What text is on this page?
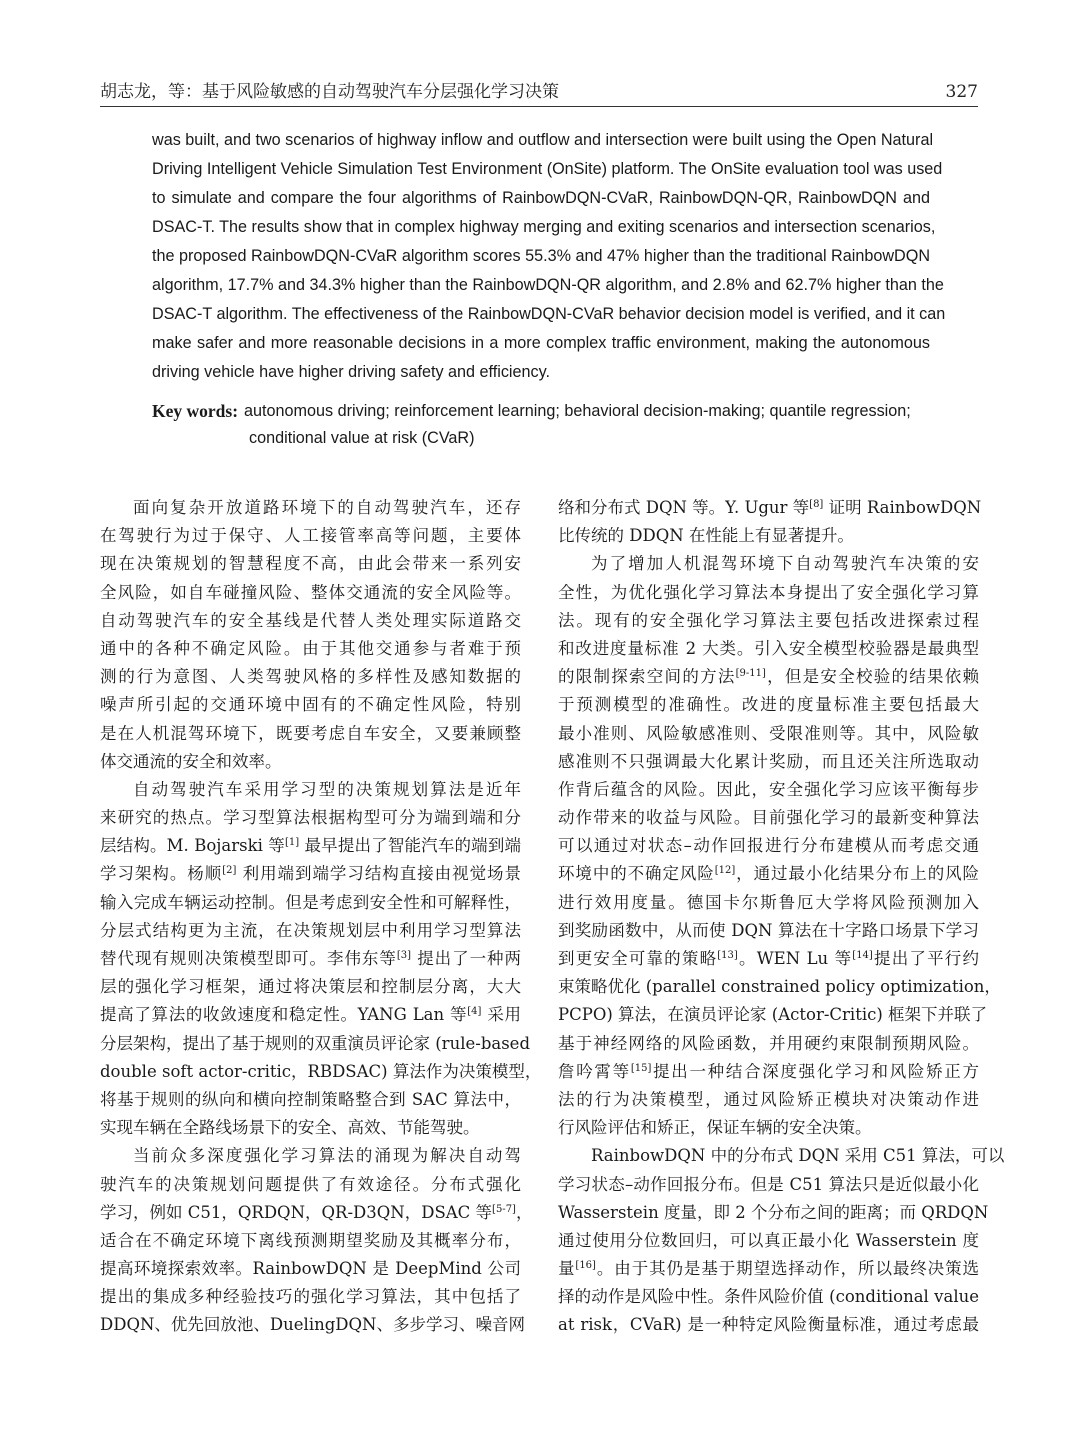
胡志龙，等：基于风险敏感的自动驾驶汽车分层强化学习决策	327
was built, and two scenarios of highway inflow and outflow and intersection were built using the Open Natural
Driving Intelligent Vehicle Simulation Test Environment (OnSite) platform. The OnSite evaluation tool was used
to simulate and compare the four algorithms of RainbowDQN-CVaR, RainbowDQN-QR, RainbowDQN and
DSAC-T. The results show that in complex highway merging and exiting scenarios and intersection scenarios,
the proposed RainbowDQN-CVaR algorithm scores 55.3% and 47% higher than the traditional RainbowDQN
algorithm, 17.7% and 34.3% higher than the RainbowDQN-QR algorithm, and 2.8% and 62.7% higher than the
DSAC-T algorithm. The effectiveness of the RainbowDQN-CVaR behavior decision model is verified, and it can
make safer and more reasonable decisions in a more complex traffic environment, making the autonomous
driving vehicle have higher driving safety and efficiency.
Key words: autonomous driving; reinforcement learning; behavioral decision-making; quantile regression;
conditional value at risk (CVaR)

面向复杂开放道路环境下的自动驾驶汽车，还存
在驾驶行为过于保守、人工接管率高等问题，主要体
现在决策规划的智慧程度不高，由此会带来一系列安
全风险，如自车碰撞风险、整体交通流的安全风险等。
自动驾驶汽车的安全基线是代替人类处理实际道路交
通中的各种不确定风险。由于其他交通参与者难于预
测的行为意图、人类驾驶风格的多样性及感知数据的
噪声所引起的交通环境中固有的不确定性风险，特别
是在人机混驾环境下，既要考虑自车安全，又要兼顾整
体交通流的安全和效率。

自动驾驶汽车采用学习型的决策规划算法是近年
来研究的热点。学习型算法根据构型可分为端到端和分
层结构。M. Bojarski 等[1] 最早提出了智能汽车的端到端
学习架构。杨顺[2] 利用端到端学习结构直接由视觉场景
输入完成车辆运动控制。但是考虑到安全性和可解释性，
分层式结构更为主流，在决策规划层中利用学习型算法
替代现有规则决策模型即可。李伟东等[3] 提出了一种两
层的强化学习框架，通过将决策层和控制层分离，大大
提高了算法的收敛速度和稳定性。YANG Lan 等[4] 采用
分层架构，提出了基于规则的双重演员评论家 (rule-based
double soft actor-critic，RBDSAC) 算法作为决策模型，
将基于规则的纵向和横向控制策略整合到 SAC 算法中，
实现车辆在全路线场景下的安全、高效、节能驾驶。

当前众多深度强化学习算法的涌现为解决自动驾
驶汽车的决策规划问题提供了有效途径。分布式强化
学习，例如 C51，QRDQN，QR-D3QN，DSAC 等[5-7]，
适合在不确定环境下离线预测期望奖励及其概率分布，
提高环境探索效率。RainbowDQN 是 DeepMind 公司
提出的集成多种经验技巧的强化学习算法，其中包括了
DDQN、优先回放池、DuelingDQN、多步学习、噪音网

络和分布式 DQN 等。Y. Ugur 等[8] 证明 RainbowDQN
比传统的 DDQN 在性能上有显著提升。

为了增加人机混驾环境下自动驾驶汽车决策的安
全性，为优化强化学习算法本身提出了安全强化学习算
法。现有的安全强化学习算法主要包括改进探索过程
和改进度量标准 2 大类。引入安全模型校验器是最典型
的限制探索空间的方法[9-11]，但是安全校验的结果依赖
于预测模型的准确性。改进的度量标准主要包括最大
最小准则、风险敏感准则、受限准则等。其中，风险敏
感准则不只强调最大化累计奖励，而且还关注所选取动
作背后蕴含的风险。因此，安全强化学习应该平衡每步
动作带来的收益与风险。目前强化学习的最新变种算法
可以通过对状态–动作回报进行分布建模从而考虑交通
环境中的不确定风险[12]，通过最小化结果分布上的风险
进行效用度量。德国卡尔斯鲁厄大学将风险预测加入
到奖励函数中，从而使 DQN 算法在十字路口场景下学习
到更安全可靠的策略[13]。WEN Lu 等[14]提出了平行约
束策略优化 (parallel constrained policy optimization，
PCPO) 算法，在演员评论家 (Actor-Critic) 框架下并联了
基于神经网络的风险函数，并用硬约束限制预期风险。
詹吟霄等[15]提出一种结合深度强化学习和风险矫正方
法的行为决策模型，通过风险矫正模块对决策动作进
行风险评估和矫正，保证车辆的安全决策。

RainbowDQN 中的分布式 DQN 采用 C51 算法，可以
学习状态–动作回报分布。但是 C51 算法只是近似最小化
Wasserstein 度量，即 2 个分布之间的距离；而 QRDQN
通过使用分位数回归，可以真正最小化 Wasserstein 度
量[16]。由于其仍是基于期望选择动作，所以最终决策选
择的动作是风险中性。条件风险价值 (conditional value
at risk，CVaR) 是一种特定风险衡量标准，通过考虑最
